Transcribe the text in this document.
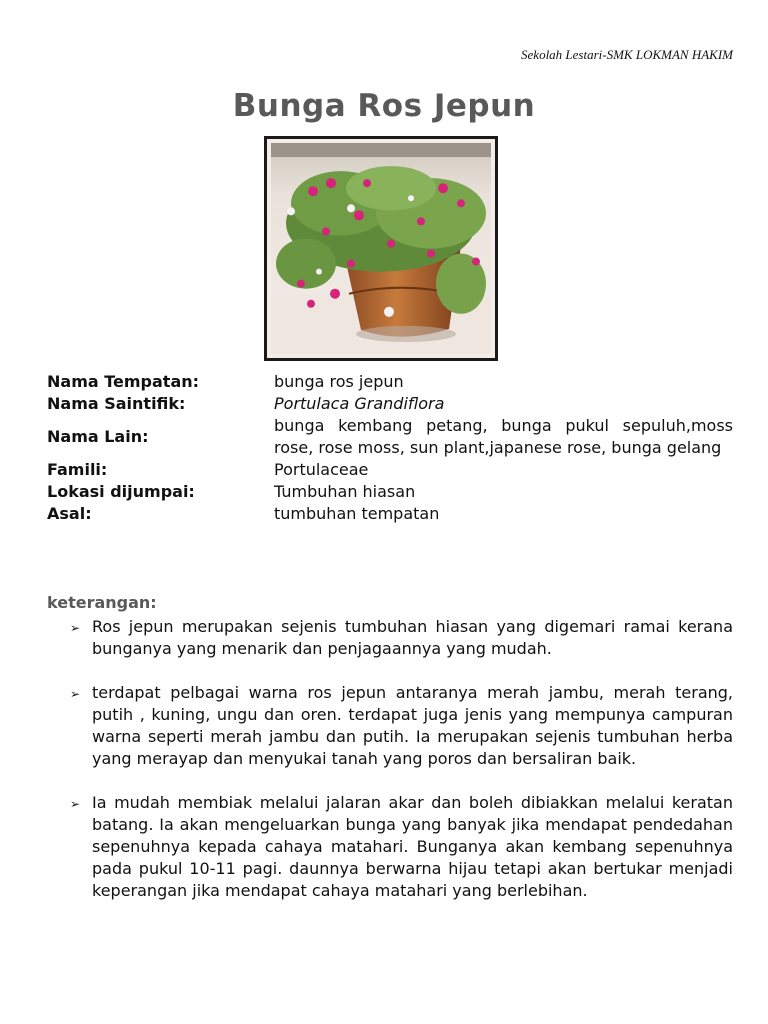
Sekolah Lestari-SMK LOKMAN HAKIM
Bunga Ros Jepun
Nama Tempatan:	bunga ros jepun
Nama Saintifik:	Portulaca Grandiflora
Nama Lain:
bunga kembang petang, bunga pukul sepuluh,moss rose, rose moss, sun plant,japanese rose, bunga gelang
Famili:	Portulaceae
Lokasi dijumpai:	Tumbuhan hiasan
Asal:	tumbuhan tempatan
keterangan:
➢ Ros jepun merupakan sejenis tumbuhan hiasan yang digemari ramai kerana bunganya yang menarik dan penjagaannya yang mudah.
➢ terdapat pelbagai warna ros jepun antaranya merah jambu, merah terang, putih , kuning, ungu dan oren. terdapat juga jenis yang mempunya campuran warna seperti merah jambu dan putih. Ia merupakan sejenis tumbuhan herba yang merayap dan menyukai tanah yang poros dan bersaliran baik.
➢ Ia mudah membiak melalui jalaran akar dan boleh dibiakkan melalui keratan batang. Ia akan mengeluarkan bunga yang banyak jika mendapat pendedahan sepenuhnya kepada cahaya matahari. Bunganya akan kembang sepenuhnya pada pukul 10-11 pagi. daunnya berwarna hijau tetapi akan bertukar menjadi keperangan jika mendapat cahaya matahari yang berlebihan.
